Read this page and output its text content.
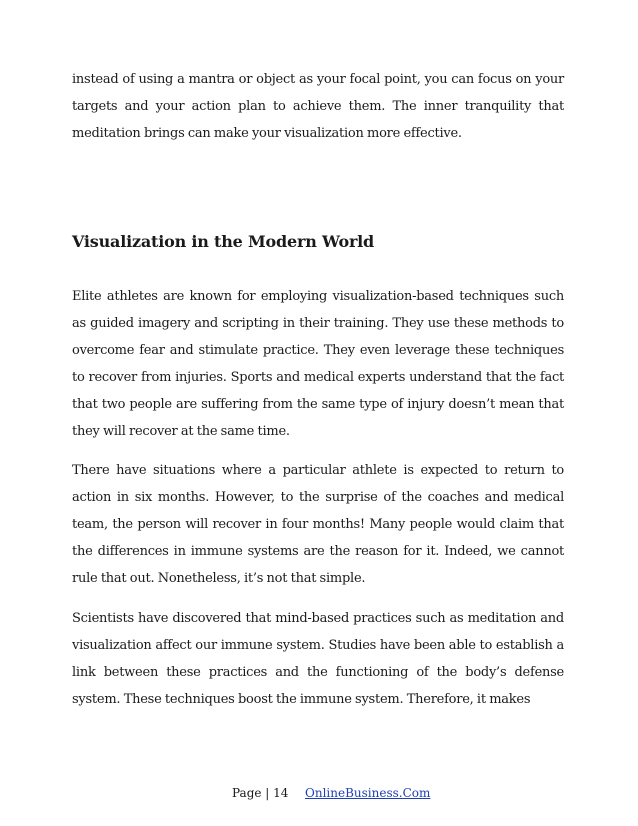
instead of using a mantra or object as your focal point, you can focus on your targets and your action plan to achieve them. The inner tranquility that meditation brings can make your visualization more effective.

Visualization in the Modern World

Elite athletes are known for employing visualization-based techniques such as guided imagery and scripting in their training. They use these methods to overcome fear and stimulate practice. They even leverage these techniques to recover from injuries. Sports and medical experts understand that the fact that two people are suffering from the same type of injury doesn’t mean that they will recover at the same time.

There have situations where a particular athlete is expected to return to action in six months. However, to the surprise of the coaches and medical team, the person will recover in four months! Many people would claim that the differences in immune systems are the reason for it. Indeed, we cannot rule that out. Nonetheless, it’s not that simple.

Scientists have discovered that mind-based practices such as meditation and visualization affect our immune system. Studies have been able to establish a link between these practices and the functioning of the body’s defense system. These techniques boost the immune system. Therefore, it makes

Page | 14 OnlineBusiness.Com
